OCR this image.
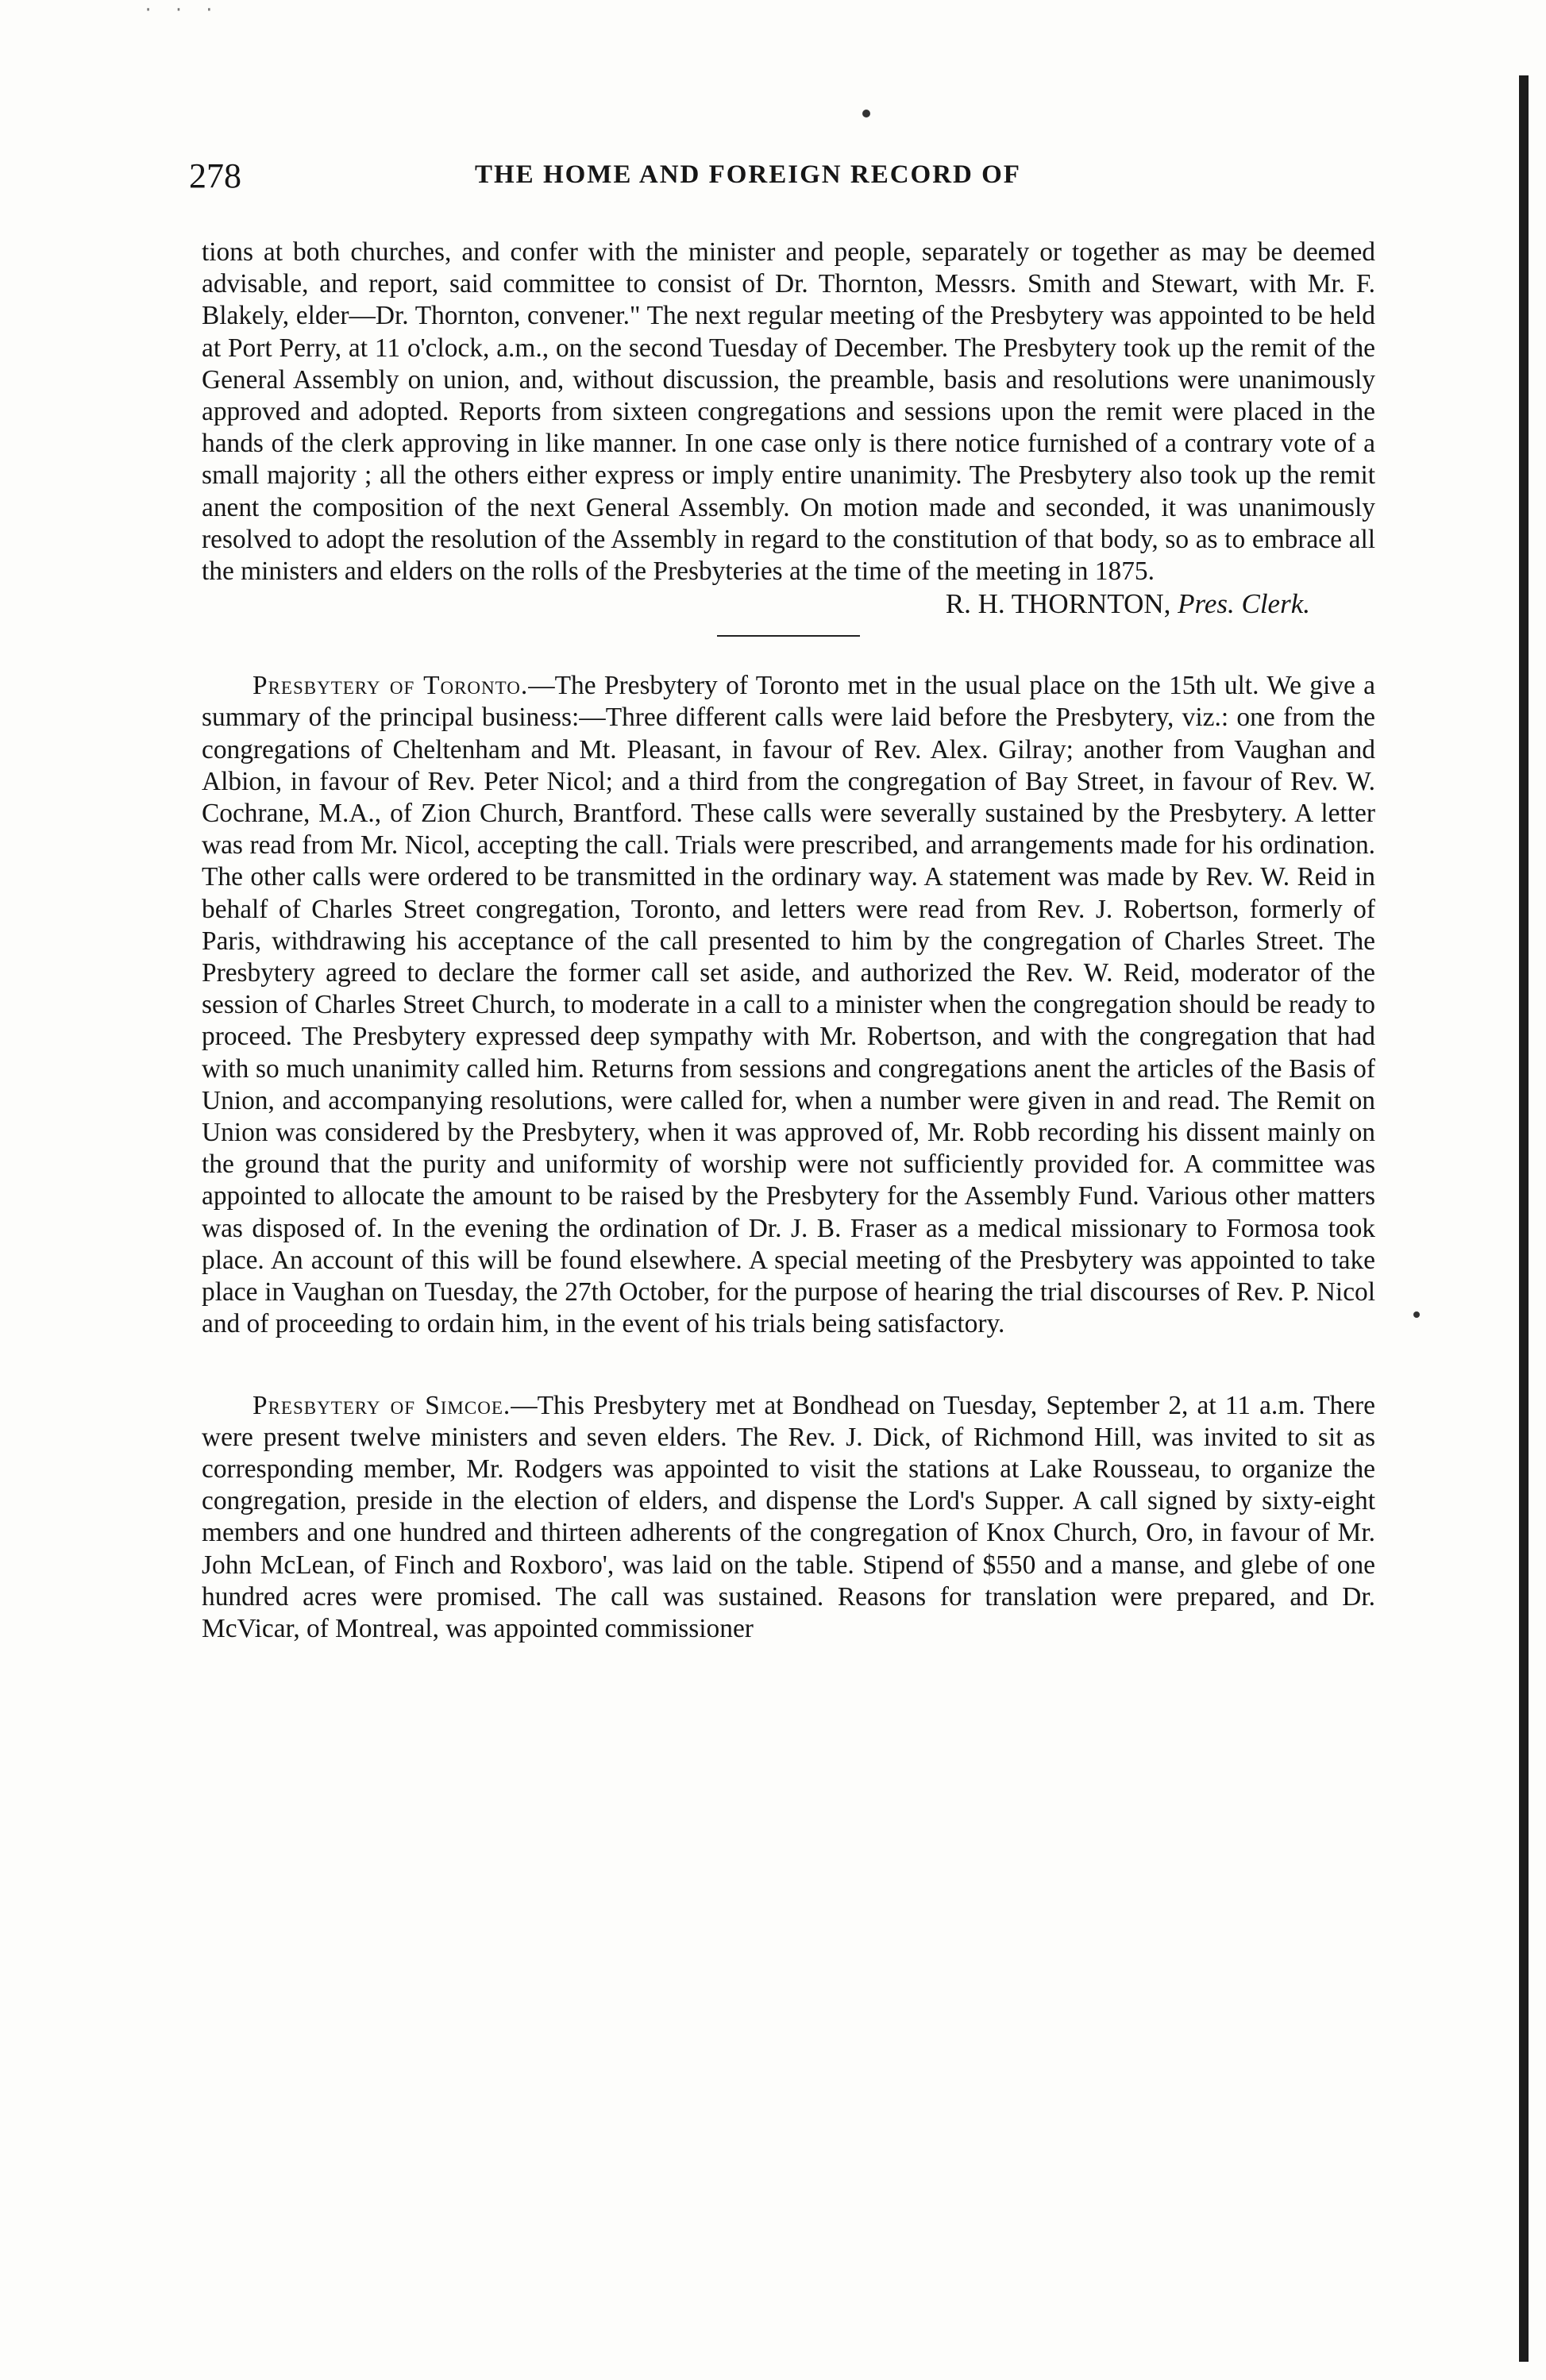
· · ·
278	THE HOME AND FOREIGN RECORD OF

tions at both churches, and confer with the minister and people, separately or together as may be deemed advisable, and report, said committee to consist of Dr. Thornton, Messrs. Smith and Stewart, with Mr. F. Blakely, elder—Dr. Thornton, convener." The next regular meeting of the Presbytery was appointed to be held at Port Perry, at 11 o'clock, a.m., on the second Tuesday of December. The Presbytery took up the remit of the General Assembly on union, and, without discussion, the preamble, basis and resolutions were unanimously approved and adopted. Reports from sixteen congregations and sessions upon the remit were placed in the hands of the clerk approving in like manner. In one case only is there notice furnished of a contrary vote of a small majority ; all the others either express or imply entire unanimity. The Presbytery also took up the remit anent the composition of the next General Assembly. On motion made and seconded, it was unanimously resolved to adopt the resolution of the Assembly in regard to the constitution of that body, so as to embrace all the ministers and elders on the rolls of the Presbyteries at the time of the meeting in 1875.

R. H. THORNTON, Pres. Clerk.

Presbytery of Toronto.—The Presbytery of Toronto met in the usual place on the 15th ult. We give a summary of the principal business:—Three different calls were laid before the Presbytery, viz.: one from the congregations of Cheltenham and Mt. Pleasant, in favour of Rev. Alex. Gilray; another from Vaughan and Albion, in favour of Rev. Peter Nicol; and a third from the congregation of Bay Street, in favour of Rev. W. Cochrane, M.A., of Zion Church, Brantford. These calls were severally sustained by the Presbytery. A letter was read from Mr. Nicol, accepting the call. Trials were prescribed, and arrangements made for his ordination. The other calls were ordered to be transmitted in the ordinary way. A statement was made by Rev. W. Reid in behalf of Charles Street congregation, Toronto, and letters were read from Rev. J. Robertson, formerly of Paris, withdrawing his acceptance of the call presented to him by the congregation of Charles Street. The Presbytery agreed to declare the former call set aside, and authorized the Rev. W. Reid, moderator of the session of Charles Street Church, to moderate in a call to a minister when the congregation should be ready to proceed. The Presbytery expressed deep sympathy with Mr. Robertson, and with the congregation that had with so much unanimity called him. Returns from sessions and congregations anent the articles of the Basis of Union, and accompanying resolutions, were called for, when a number were given in and read. The Remit on Union was considered by the Presbytery, when it was approved of, Mr. Robb recording his dissent mainly on the ground that the purity and uniformity of worship were not sufficiently provided for. A committee was appointed to allocate the amount to be raised by the Presbytery for the Assembly Fund. Various other matters was disposed of. In the evening the ordination of Dr. J. B. Fraser as a medical missionary to Formosa took place. An account of this will be found elsewhere. A special meeting of the Presbytery was appointed to take place in Vaughan on Tuesday, the 27th October, for the purpose of hearing the trial discourses of Rev. P. Nicol and of proceeding to ordain him, in the event of his trials being satisfactory.

Presbytery of Simcoe.—This Presbytery met at Bondhead on Tuesday, September 2, at 11 a.m. There were present twelve ministers and seven elders. The Rev. J. Dick, of Richmond Hill, was invited to sit as corresponding member, Mr. Rodgers was appointed to visit the stations at Lake Rousseau, to organize the congregation, preside in the election of elders, and dispense the Lord's Supper. A call signed by sixty-eight members and one hundred and thirteen adherents of the congregation of Knox Church, Oro, in favour of Mr. John McLean, of Finch and Roxboro', was laid on the table. Stipend of $550 and a manse, and glebe of one hundred acres were promised. The call was sustained. Reasons for translation were prepared, and Dr. McVicar, of Montreal, was appointed commissioner
